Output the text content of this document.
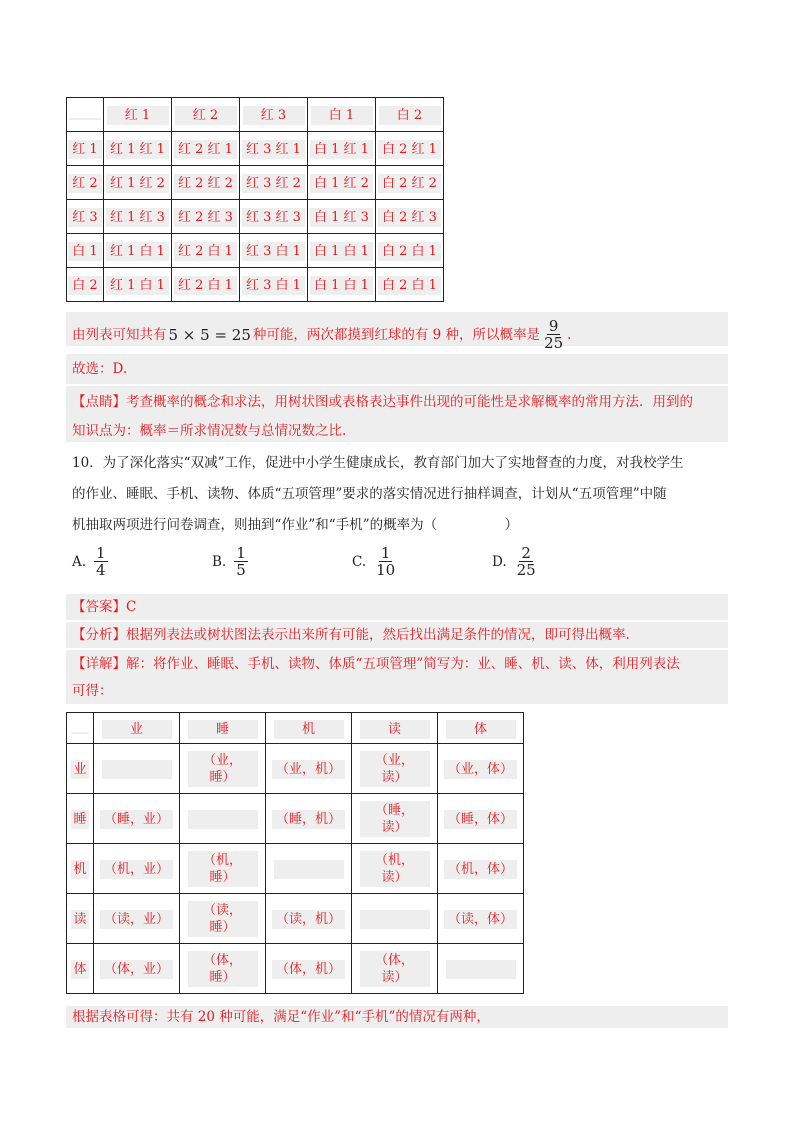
	红 1	红 2	红 3	白 1	白 2
红 1	红 1 红 1	红 2 红 1	红 3 红 1	白 1 红 1	白 2 红 1
红 2	红 1 红 2	红 2 红 2	红 3 红 2	白 1 红 2	白 2 红 2
红 3	红 1 红 3	红 2 红 3	红 3 红 3	白 1 红 3	白 2 红 3
白 1	红 1 白 1	红 2 白 1	红 3 白 1	白 1 白 1	白 2 白 1
白 2	红 1 白 1	红 2 白 1	红 3 白 1	白 1 白 1	白 2 白 1
由列表可知共有 5 × 5 = 25 种可能，两次都摸到红球的有 9 种，所以概率是 $\frac{9}{25}$ .
故选：D.
【点睛】考查概率的概念和求法，用树状图或表格表达事件出现的可能性是求解概率的常用方法．用到的
知识点为：概率＝所求情况数与总情况数之比.
10．为了深化落实“双减”工作，促进中小学生健康成长，教育部门加大了实地督查的力度，对我校学生
的作业、睡眠、手机、读物、体质“五项管理”要求的落实情况进行抽样调查，计划从“五项管理”中随
机抽取两项进行问卷调查，则抽到“作业”和“手机”的概率为（　　　　　）
A. $\frac{1}{4}$	B. $\frac{1}{5}$	C. $\frac{1}{10}$	D. $\frac{2}{25}$
【答案】C
【分析】根据列表法或树状图法表示出来所有可能，然后找出满足条件的情况，即可得出概率.
【详解】解：将作业、睡眠、手机、读物、体质“五项管理”简写为：业、睡、机、读、体，利用列表法
可得：
	业	睡	机	读	体
业		（业，睡）	（业，机）	（业，读）	（业，体）
睡	（睡，业）		（睡，机）	（睡，读）	（睡，体）
机	（机，业）	（机，睡）		（机，读）	（机，体）
读	（读，业）	（读，睡）	（读，机）		（读，体）
体	（体，业）	（体，睡）	（体，机）	（体，读）	
根据表格可得：共有 20 种可能，满足“作业”和“手机”的情况有两种，
